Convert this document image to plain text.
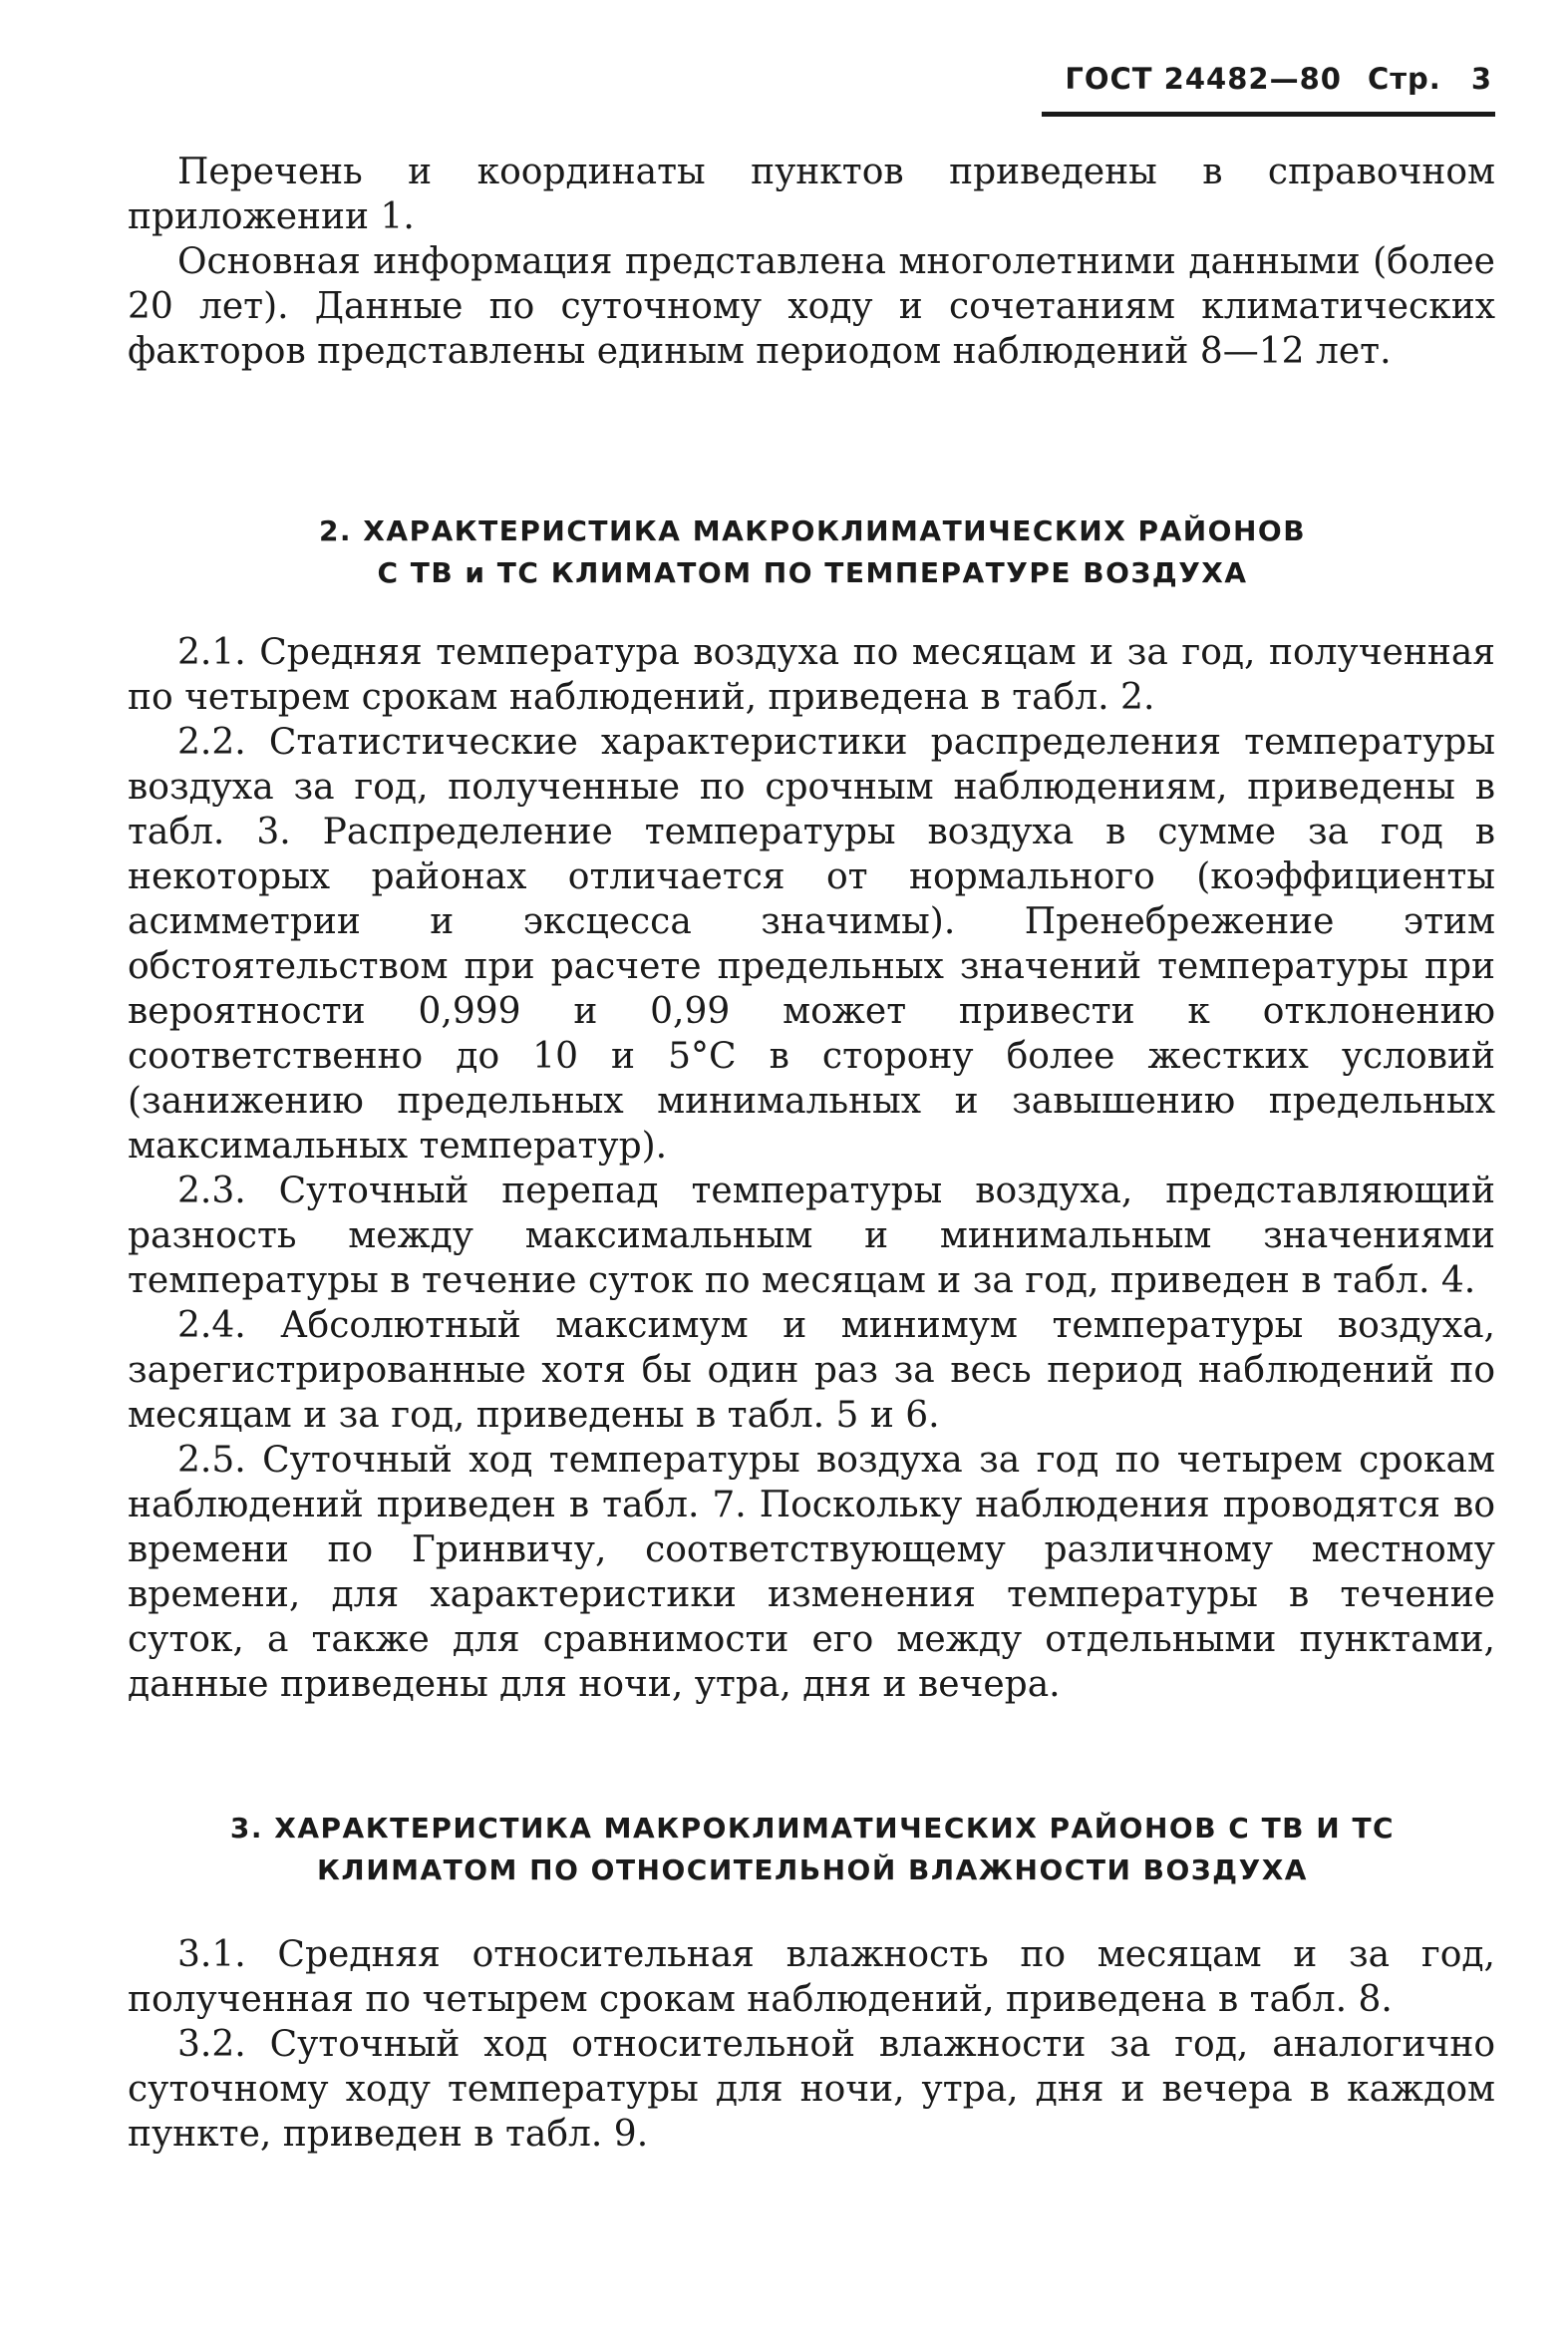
ГОСТ 24482—80 Стр. 3
Перечень и координаты пунктов приведены в справочном приложении 1.
Основная информация представлена многолетними данными (более 20 лет). Данные по суточному ходу и сочетаниям климатических факторов представлены единым периодом наблюдений 8—12 лет.
2. ХАРАКТЕРИСТИКА МАКРОКЛИМАТИЧЕСКИХ РАЙОНОВ
С ТВ и ТС КЛИМАТОМ ПО ТЕМПЕРАТУРЕ ВОЗДУХА
2.1. Средняя температура воздуха по месяцам и за год, полученная по четырем срокам наблюдений, приведена в табл. 2.
2.2. Статистические характеристики распределения температуры воздуха за год, полученные по срочным наблюдениям, приведены в табл. 3. Распределение температуры воздуха в сумме за год в некоторых районах отличается от нормального (коэффициенты асимметрии и эксцесса значимы). Пренебрежение этим обстоятельством при расчете предельных значений температуры при вероятности 0,999 и 0,99 может привести к отклонению соответственно до 10 и 5°С в сторону более жестких условий (занижению предельных минимальных и завышению предельных максимальных температур).
2.3. Суточный перепад температуры воздуха, представляющий разность между максимальным и минимальным значениями температуры в течение суток по месяцам и за год, приведен в табл. 4.
2.4. Абсолютный максимум и минимум температуры воздуха, зарегистрированные хотя бы один раз за весь период наблюдений по месяцам и за год, приведены в табл. 5 и 6.
2.5. Суточный ход температуры воздуха за год по четырем срокам наблюдений приведен в табл. 7. Поскольку наблюдения проводятся во времени по Гринвичу, соответствующему различному местному времени, для характеристики изменения температуры в течение суток, а также для сравнимости его между отдельными пунктами, данные приведены для ночи, утра, дня и вечера.
3. ХАРАКТЕРИСТИКА МАКРОКЛИМАТИЧЕСКИХ РАЙОНОВ С ТВ И ТС
КЛИМАТОМ ПО ОТНОСИТЕЛЬНОЙ ВЛАЖНОСТИ ВОЗДУХА
3.1. Средняя относительная влажность по месяцам и за год, полученная по четырем срокам наблюдений, приведена в табл. 8.
3.2. Суточный ход относительной влажности за год, аналогично суточному ходу температуры для ночи, утра, дня и вечера в каждом пункте, приведен в табл. 9.
